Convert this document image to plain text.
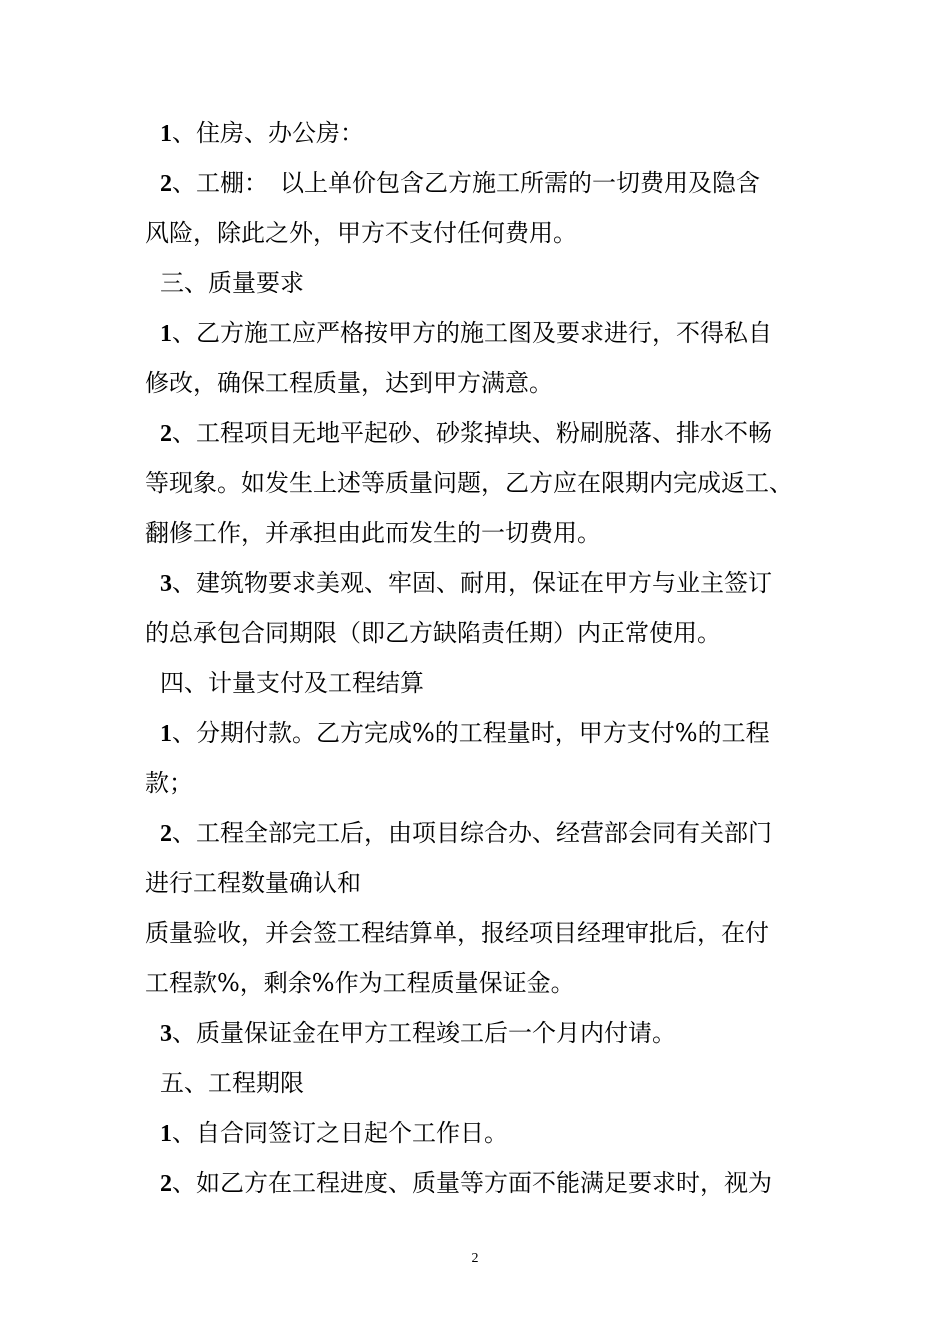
1、住房、办公房：
2、工棚：　以上单价包含乙方施工所需的一切费用及隐含
风险，除此之外，甲方不支付任何费用。
三、质量要求
1、乙方施工应严格按甲方的施工图及要求进行，不得私自
修改，确保工程质量，达到甲方满意。
2、工程项目无地平起砂、砂浆掉块、粉刷脱落、排水不畅
等现象。如发生上述等质量问题，乙方应在限期内完成返工、
翻修工作，并承担由此而发生的一切费用。
3、建筑物要求美观、牢固、耐用，保证在甲方与业主签订
的总承包合同期限（即乙方缺陷责任期）内正常使用。
四、计量支付及工程结算
1、分期付款。乙方完成%的工程量时，甲方支付%的工程
款；
2、工程全部完工后，由项目综合办、经营部会同有关部门
进行工程数量确认和
质量验收，并会签工程结算单，报经项目经理审批后，在付
工程款%，剩余%作为工程质量保证金。
3、质量保证金在甲方工程竣工后一个月内付请。
五、工程期限
1、自合同签订之日起个工作日。
2、如乙方在工程进度、质量等方面不能满足要求时，视为
2
